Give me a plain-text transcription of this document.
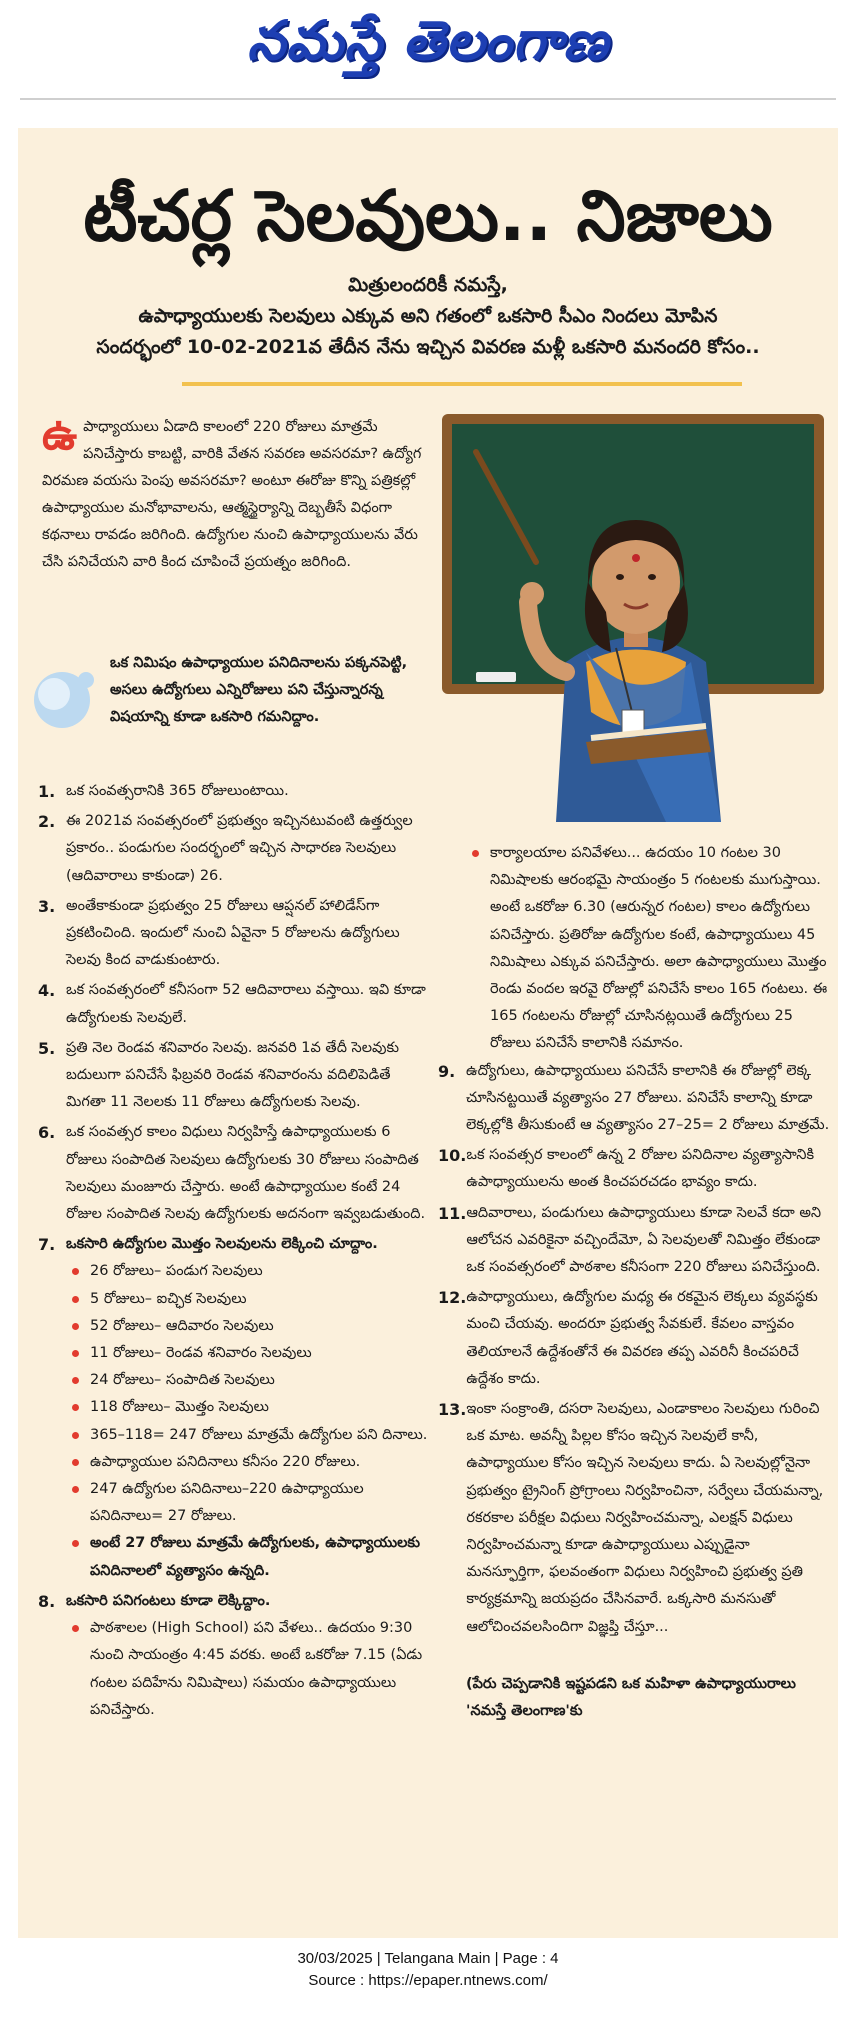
నమస్తే తెలంగాణ
టీచర్ల సెలవులు.. నిజాలు
మిత్రులందరికీ నమస్తే,
ఉపాధ్యాయులకు సెలవులు ఎక్కువ అని గతంలో ఒకసారి సీఎం నిందలు మోపిన
సందర్భంలో 10-02-2021వ తేదీన నేను ఇచ్చిన వివరణ మళ్లీ ఒకసారి మనందరి కోసం..
ఉ పాధ్యాయులు ఏడాది కాలంలో 220 రోజులు మాత్రమే పనిచేస్తారు కాబట్టి, వారికి వేతన సవరణ అవసరమా? ఉద్యోగ విరమణ వయసు పెంపు అవసరమా? అంటూ ఈరోజు కొన్ని పత్రికల్లో ఉపాధ్యాయుల మనోభావాలను, ఆత్మస్థైర్యాన్ని దెబ్బతీసే విధంగా కథనాలు రావడం జరిగింది. ఉద్యోగుల నుంచి ఉపాధ్యాయులను వేరు చేసి పనిచేయని వారి కింద చూపించే ప్రయత్నం జరిగింది.
ఒక నిమిషం ఉపాధ్యాయుల పనిదినాలను పక్కనపెట్టి, అసలు ఉద్యోగులు ఎన్నిరోజులు పని చేస్తున్నారన్న విషయాన్ని కూడా ఒకసారి గమనిద్దాం.
1. ఒక సంవత్సరానికి 365 రోజులుంటాయి.
2. ఈ 2021వ సంవత్సరంలో ప్రభుత్వం ఇచ్చినటువంటి ఉత్తర్వుల ప్రకారం.. పండుగుల సందర్భంలో ఇచ్చిన సాధారణ సెలవులు (ఆదివారాలు కాకుండా) 26.
3. అంతేకాకుండా ప్రభుత్వం 25 రోజులు ఆప్షనల్ హాలిడేస్‌గా ప్రకటించింది. ఇందులో నుంచి ఏవైనా 5 రోజులను ఉద్యోగులు సెలవు కింద వాడుకుంటారు.
4. ఒక సంవత్సరంలో కనీసంగా 52 ఆదివారాలు వస్తాయి. ఇవి కూడా ఉద్యోగులకు సెలవులే.
5. ప్రతి నెల రెండవ శనివారం సెలవు. జనవరి 1వ తేదీ సెలవుకు బదులుగా పనిచేసే ఫిబ్రవరి రెండవ శనివారంను వదిలిపెడితే మిగతా 11 నెలలకు 11 రోజులు ఉద్యోగులకు సెలవు.
6. ఒక సంవత్సర కాలం విధులు నిర్వహిస్తే ఉపాధ్యాయులకు 6 రోజులు సంపాదిత సెలవులు ఉద్యోగులకు 30 రోజులు సంపాదిత సెలవులు మంజూరు చేస్తారు. అంటే ఉపాధ్యాయుల కంటే 24 రోజుల సంపాదిత సెలవు ఉద్యోగులకు అదనంగా ఇవ్వబడుతుంది.
7. ఒకసారి ఉద్యోగుల మొత్తం సెలవులను లెక్కించి చూద్దాం.
26 రోజులు– పండుగ సెలవులు
5 రోజులు– ఐచ్ఛిక సెలవులు
52 రోజులు– ఆదివారం సెలవులు
11 రోజులు– రెండవ శనివారం సెలవులు
24 రోజులు– సంపాదిత సెలవులు
118 రోజులు– మొత్తం సెలవులు
365–118= 247 రోజులు మాత్రమే ఉద్యోగుల పని దినాలు.
ఉపాధ్యాయుల పనిదినాలు కనీసం 220 రోజులు.
247 ఉద్యోగుల పనిదినాలు–220 ఉపాధ్యాయుల పనిదినాలు= 27 రోజులు.
అంటే 27 రోజులు మాత్రమే ఉద్యోగులకు, ఉపాధ్యాయులకు పనిదినాలలో వ్యత్యాసం ఉన్నది.
8. ఒకసారి పనిగంటలు కూడా లెక్కిద్దాం.
పాఠశాలల (High School) పని వేళలు.. ఉదయం 9:30 నుంచి సాయంత్రం 4:45 వరకు. అంటే ఒకరోజు 7.15 (ఏడు గంటల పదిహేను నిమిషాలు) సమయం ఉపాధ్యాయులు పనిచేస్తారు.
కార్యాలయాల పనివేళలు... ఉదయం 10 గంటల 30 నిమిషాలకు ఆరంభమై సాయంత్రం 5 గంటలకు ముగుస్తాయి. అంటే ఒకరోజు 6.30 (ఆరున్నర గంటల) కాలం ఉద్యోగులు పనిచేస్తారు. ప్రతిరోజు ఉద్యోగుల కంటే, ఉపాధ్యాయులు 45 నిమిషాలు ఎక్కువ పనిచేస్తారు. అలా ఉపాధ్యాయులు మొత్తం రెండు వందల ఇరవై రోజుల్లో పనిచేసే కాలం 165 గంటలు. ఈ 165 గంటలను రోజుల్లో చూసినట్లయితే ఉద్యోగులు 25 రోజులు పనిచేసే కాలానికి సమానం.
9. ఉద్యోగులు, ఉపాధ్యాయులు పనిచేసే కాలానికి ఈ రోజుల్లో లెక్క చూసినట్టయితే వ్యత్యాసం 27 రోజులు. పనిచేసే కాలాన్ని కూడా లెక్కల్లోకి తీసుకుంటే ఆ వ్యత్యాసం 27–25= 2 రోజులు మాత్రమే.
10. ఒక సంవత్సర కాలంలో ఉన్న 2 రోజుల పనిదినాల వ్యత్యాసానికి ఉపాధ్యాయులను అంత కించపరచడం భావ్యం కాదు.
11. ఆదివారాలు, పండుగులు ఉపాధ్యాయులు కూడా సెలవే కదా అని ఆలోచన ఎవరికైనా వచ్చిందేమో, ఏ సెలవులతో నిమిత్తం లేకుండా ఒక సంవత్సరంలో పాఠశాల కనీసంగా 220 రోజులు పనిచేస్తుంది.
12. ఉపాధ్యాయులు, ఉద్యోగుల మధ్య ఈ రకమైన లెక్కలు వ్యవస్థకు మంచి చేయవు. అందరూ ప్రభుత్వ సేవకులే. కేవలం వాస్తవం తెలియాలనే ఉద్దేశంతోనే ఈ వివరణ తప్ప ఎవరినీ కించపరిచే ఉద్దేశం కాదు.
13. ఇంకా సంక్రాంతి, దసరా సెలవులు, ఎండాకాలం సెలవులు గురించి ఒక మాట. అవన్నీ పిల్లల కోసం ఇచ్చిన సెలవులే కానీ, ఉపాధ్యాయుల కోసం ఇచ్చిన సెలవులు కాదు. ఏ సెలవుల్లోనైనా ప్రభుత్వం ట్రైనింగ్ ప్రోగ్రాంలు నిర్వహించినా, సర్వేలు చేయమన్నా, రకరకాల పరీక్షల విధులు నిర్వహించమన్నా, ఎలక్షన్ విధులు నిర్వహించమన్నా కూడా ఉపాధ్యాయులు ఎప్పుడైనా మనస్ఫూర్తిగా, ఫలవంతంగా విధులు నిర్వహించి ప్రభుత్వ ప్రతి కార్యక్రమాన్ని జయప్రదం చేసినవారే. ఒక్కసారి మనసుతో ఆలోచించవలసిందిగా విజ్ఞప్తి చేస్తూ...
(పేరు చెప్పడానికి ఇష్టపడని ఒక మహిళా ఉపాధ్యాయురాలు 'నమస్తే తెలంగాణ'కు
30/03/2025 | Telangana Main | Page : 4
Source : https://epaper.ntnews.com/
